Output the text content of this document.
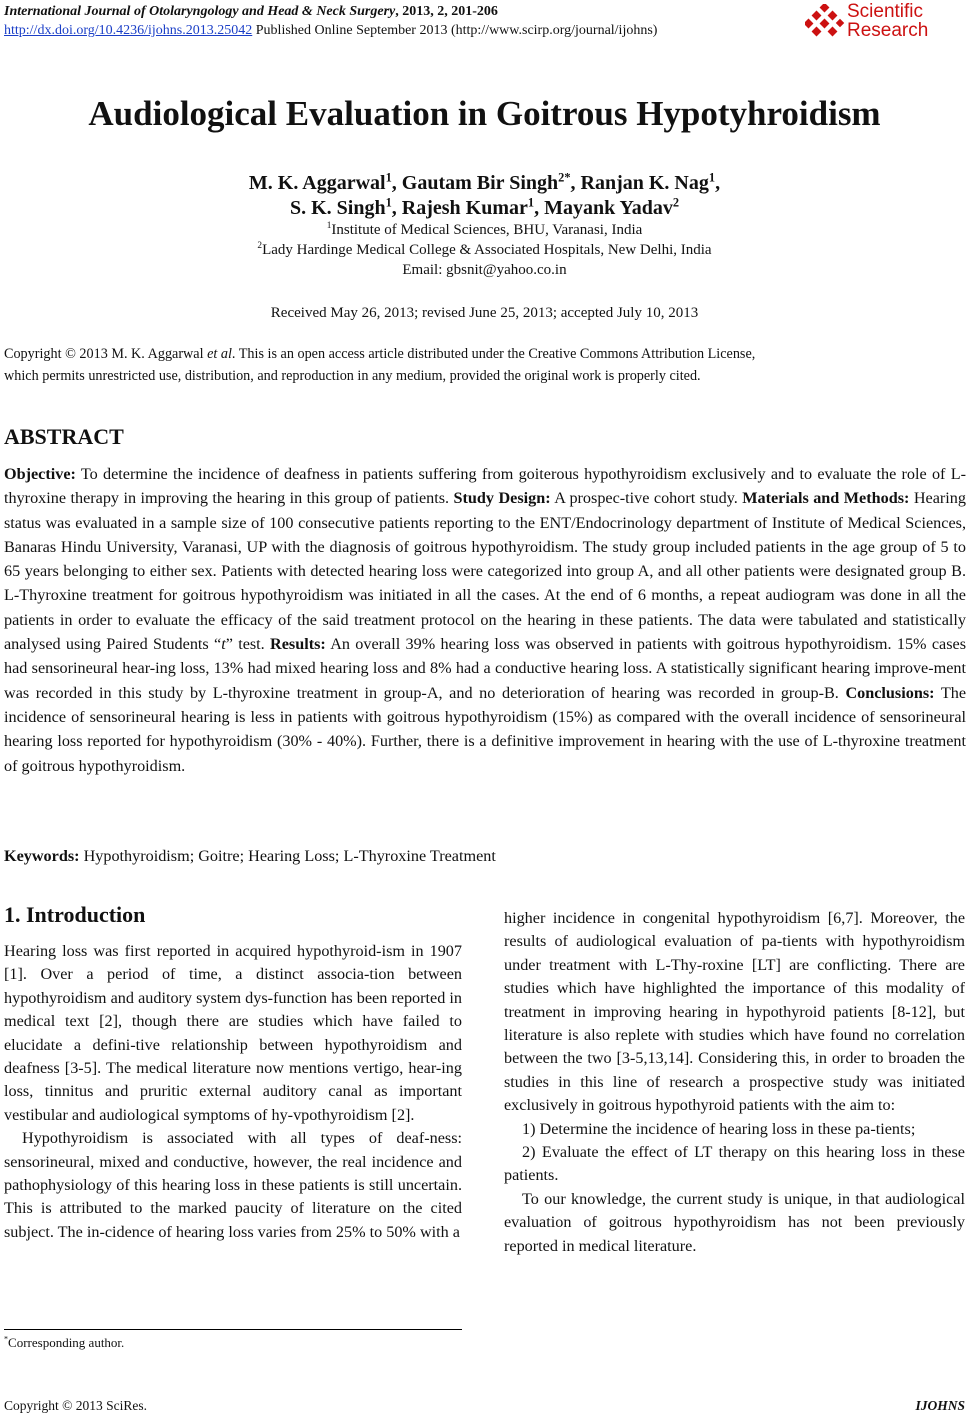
International Journal of Otolaryngology and Head & Neck Surgery, 2013, 2, 201-206
http://dx.doi.org/10.4236/ijohns.2013.25042 Published Online September 2013 (http://www.scirp.org/journal/ijohns)
Scientific
Research
Audiological Evaluation in Goitrous Hypotyhroidism
M. K. Aggarwal$^1$, Gautam Bir Singh$^{2*}$, Ranjan K. Nag$^1$,
S. K. Singh$^1$, Rajesh Kumar$^1$, Mayank Yadav$^2$
$^1$Institute of Medical Sciences, BHU, Varanasi, India
$^2$Lady Hardinge Medical College & Associated Hospitals, New Delhi, India
Email: gbsnit@yahoo.co.in
Received May 26, 2013; revised June 25, 2013; accepted July 10, 2013
Copyright © 2013 M. K. Aggarwal et al. This is an open access article distributed under the Creative Commons Attribution License,
which permits unrestricted use, distribution, and reproduction in any medium, provided the original work is properly cited.
ABSTRACT
Objective: To determine the incidence of deafness in patients suffering from goiterous hypothyroidism exclusively and to evaluate the role of L-thyroxine therapy in improving the hearing in this group of patients. Study Design: A prospec-tive cohort study. Materials and Methods: Hearing status was evaluated in a sample size of 100 consecutive patients reporting to the ENT/Endocrinology department of Institute of Medical Sciences, Banaras Hindu University, Varanasi, UP with the diagnosis of goitrous hypothyroidism. The study group included patients in the age group of 5 to 65 years belonging to either sex. Patients with detected hearing loss were categorized into group A, and all other patients were designated group B. L-Thyroxine treatment for goitrous hypothyroidism was initiated in all the cases. At the end of 6 months, a repeat audiogram was done in all the patients in order to evaluate the efficacy of the said treatment protocol on the hearing in these patients. The data were tabulated and statistically analysed using Paired Students “t” test. Results: An overall 39% hearing loss was observed in patients with goitrous hypothyroidism. 15% cases had sensorineural hear-ing loss, 13% had mixed hearing loss and 8% had a conductive hearing loss. A statistically significant hearing improve-ment was recorded in this study by L-thyroxine treatment in group-A, and no deterioration of hearing was recorded in group-B. Conclusions: The incidence of sensorineural hearing is less in patients with goitrous hypothyroidism (15%) as compared with the overall incidence of sensorineural hearing loss reported for hypothyroidism (30% - 40%). Further, there is a definitive improvement in hearing with the use of L-thyroxine treatment of goitrous hypothyroidism.
Keywords: Hypothyroidism; Goitre; Hearing Loss; L-Thyroxine Treatment
1. Introduction

Hearing loss was first reported in acquired hypothyroid-ism in 1907 [1]. Over a period of time, a distinct associa-tion between hypothyroidism and auditory system dys-function has been reported in medical text [2], though there are studies which have failed to elucidate a defini-tive relationship between hypothyroidism and deafness [3-5]. The medical literature now mentions vertigo, hear-ing loss, tinnitus and pruritic external auditory canal as important vestibular and audiological symptoms of hy-vpothyroidism [2].

Hypothyroidism is associated with all types of deaf-ness: sensorineural, mixed and conductive, however, the real incidence and pathophysiology of this hearing loss in these patients is still uncertain. This is attributed to the marked paucity of literature on the cited subject. The in-cidence of hearing loss varies from 25% to 50% with a

higher incidence in congenital hypothyroidism [6,7]. Moreover, the results of audiological evaluation of pa-tients with hypothyroidism under treatment with L-Thy-roxine [LT] are conflicting. There are studies which have highlighted the importance of this modality of treatment in improving hearing in hypothyroid patients [8-12], but literature is also replete with studies which have found no correlation between the two [3-5,13,14]. Considering this, in order to broaden the studies in this line of research a prospective study was initiated exclusively in goitrous hypothyroid patients with the aim to:

1) Determine the incidence of hearing loss in these pa-tients;

2) Evaluate the effect of LT therapy on this hearing loss in these patients.

To our knowledge, the current study is unique, in that audiological evaluation of goitrous hypothyroidism has not been previously reported in medical literature.

*Corresponding author.
Copyright © 2013 SciRes.	IJOHNS
